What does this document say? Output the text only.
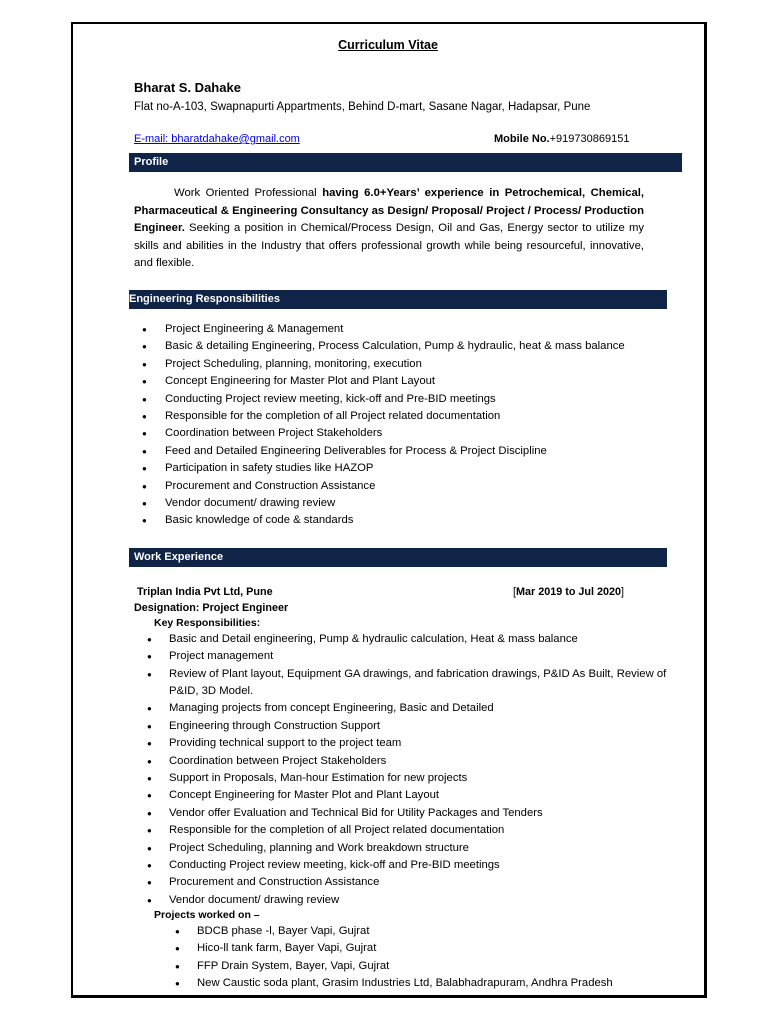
Curriculum Vitae
Bharat S. Dahake
Flat no-A-103, Swapnapurti Appartments, Behind D-mart, Sasane Nagar, Hadapsar, Pune
E-mail: bharatdahake@gmail.com	Mobile No.+919730869151
Profile
Work Oriented Professional having 6.0+Years’ experience in Petrochemical, Chemical, Pharmaceutical & Engineering Consultancy as Design/ Proposal/ Project / Process/ Production Engineer. Seeking a position in Chemical/Process Design, Oil and Gas, Energy sector to utilize my skills and abilities in the Industry that offers professional growth while being resourceful, innovative, and flexible.
Engineering Responsibilities
● Project Engineering & Management
● Basic & detailing Engineering, Process Calculation, Pump & hydraulic, heat & mass balance
● Project Scheduling, planning, monitoring, execution
● Concept Engineering for Master Plot and Plant Layout
● Conducting Project review meeting, kick-off and Pre-BID meetings
● Responsible for the completion of all Project related documentation
● Coordination between Project Stakeholders
● Feed and Detailed Engineering Deliverables for Process & Project Discipline
● Participation in safety studies like HAZOP
● Procurement and Construction Assistance
● Vendor document/ drawing review
● Basic knowledge of code & standards
Work Experience
Triplan India Pvt Ltd, Pune	[Mar 2019 to Jul 2020]
Designation: Project Engineer
Key Responsibilities:
● Basic and Detail engineering, Pump & hydraulic calculation, Heat & mass balance
● Project management
● Review of Plant layout, Equipment GA drawings, and fabrication drawings, P&ID As Built, Review of P&ID, 3D Model.
● Managing projects from concept Engineering, Basic and Detailed
● Engineering through Construction Support
● Providing technical support to the project team
● Coordination between Project Stakeholders
● Support in Proposals, Man-hour Estimation for new projects
● Concept Engineering for Master Plot and Plant Layout
● Vendor offer Evaluation and Technical Bid for Utility Packages and Tenders
● Responsible for the completion of all Project related documentation
● Project Scheduling, planning and Work breakdown structure
● Conducting Project review meeting, kick-off and Pre-BID meetings
● Procurement and Construction Assistance
● Vendor document/ drawing review
Projects worked on –
● BDCB phase -l, Bayer Vapi, Gujrat
● Hico-ll tank farm, Bayer Vapi, Gujrat
● FFP Drain System, Bayer, Vapi, Gujrat
● New Caustic soda plant, Grasim Industries Ltd, Balabhadrapuram, Andhra Pradesh
